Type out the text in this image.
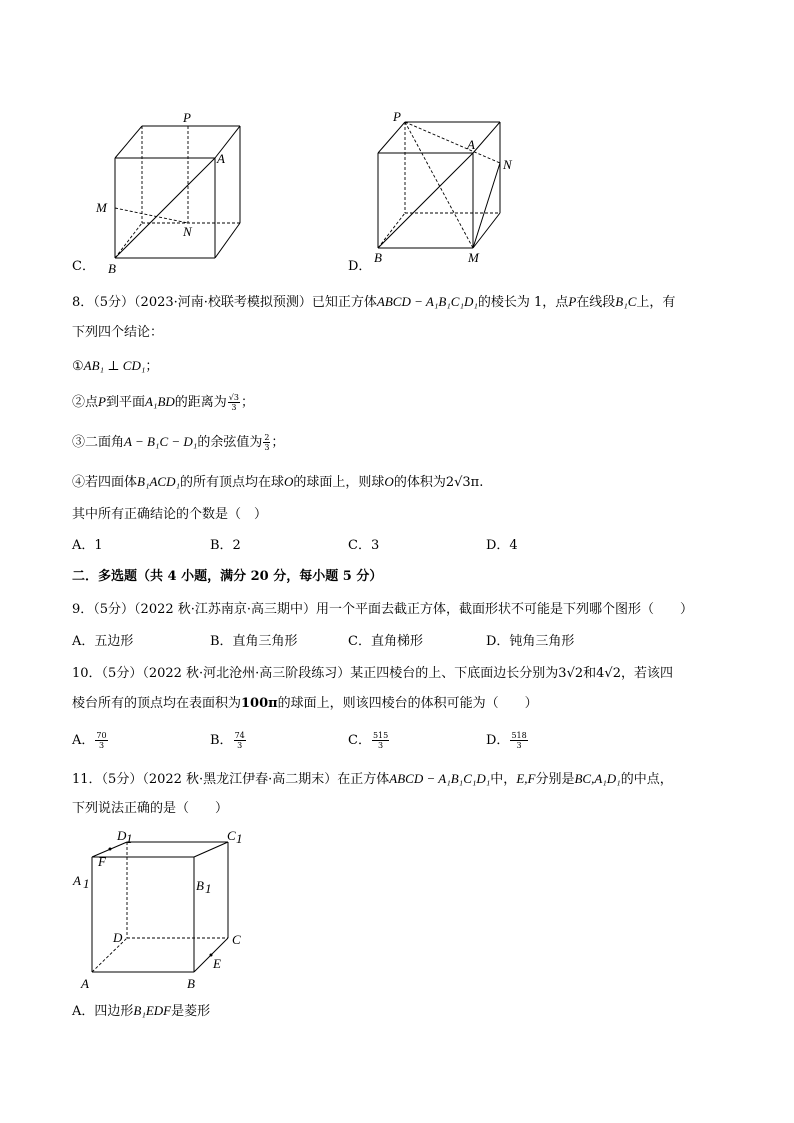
P
A
M
N
B
C．
P
A
N
B	M
D．
8．（5分）（2023·河南·校联考模拟预测）已知正方体ABCD − A₁B₁C₁D₁的棱长为 1，点P在线段B₁C上，有
下列四个结论：
①AB₁ ⊥ CD₁；
②点P到平面A₁BD的距离为 $\frac{√3}{3}$ ；
③二面角A − B₁C − D₁的余弦值为 $\frac{2}{3}$ ；
④若四面体B₁ACD₁的所有顶点均在球O的球面上，则球O的体积为2√3π.
其中所有正确结论的个数是（　）
A．1	B．2	C．3	D．4
二．多选题（共 4 小题，满分 20 分，每小题 5 分）
9．（5分）（2022 秋·江苏南京·高三期中）用一个平面去截正方体，截面形状不可能是下列哪个图形（　　）
A．五边形	B．直角三角形	C．直角梯形	D．钝角三角形
10．（5分）（2022 秋·河北沧州·高三阶段练习）某正四棱台的上、下底面边长分别为3√2和4√2，若该四
棱台所有的顶点均在表面积为100π的球面上，则该四棱台的体积可能为（　　）
A． $\frac{70}{3}$	B． $\frac{74}{3}$	C． $\frac{515}{3}$	D． $\frac{518}{3}$
11．（5分）（2022 秋·黑龙江伊春·高二期末）在正方体ABCD − A₁B₁C₁D₁中，E,F分别是BC,A₁D₁的中点，
下列说法正确的是（　　）
D 1	C 1
F
A 1	B 1
D	C
E
A	B
A．四边形B₁EDF是菱形
